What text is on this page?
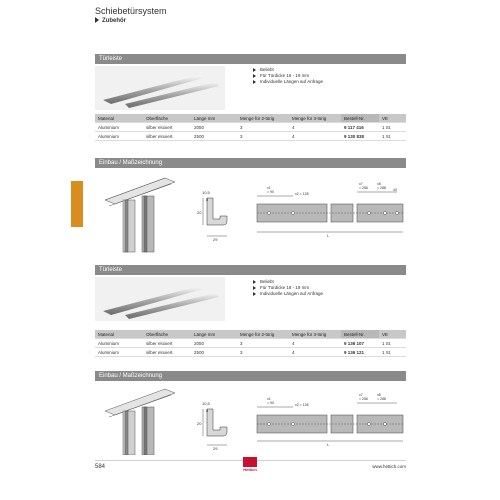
Schiebetürsystem
Zubehör
Türleiste
Beliebt
Für Türdicke 16 - 19 mm
Individuelle Längen auf Anfrage
Material	Oberfläche	Länge mm	Menge für 2-türig	Menge für 3-türig	Bestell-Nr.	VE
Aluminium	silber eloxiert	2050	3	4	9 117 416	1 St.
Aluminium	silber eloxiert	2500	3	4	9 130 838	1 St.
Einbau / Maßzeichnung
10,5
8
20
29
L
x1
= 90	x2 = 128
x7
= 256
x8
= 288 40
Türleiste
Beliebt
Für Türdicke 18 - 19 mm
Individuelle Längen auf Anfrage
Material	Oberfläche	Länge mm	Menge für 2-türig	Menge für 3-türig	Bestell-Nr.	VE
Aluminium	silber eloxiert	2050	3	4	9 136 107	1 St.
Aluminium	silber eloxiert	2500	3	4	9 136 121	1 St.
Einbau / Maßzeichnung
10,5
8
20
29
L
x1
= 90	x2 = 128
x7
= 256
x8
= 288
584	Hettich
www.hettich.com
